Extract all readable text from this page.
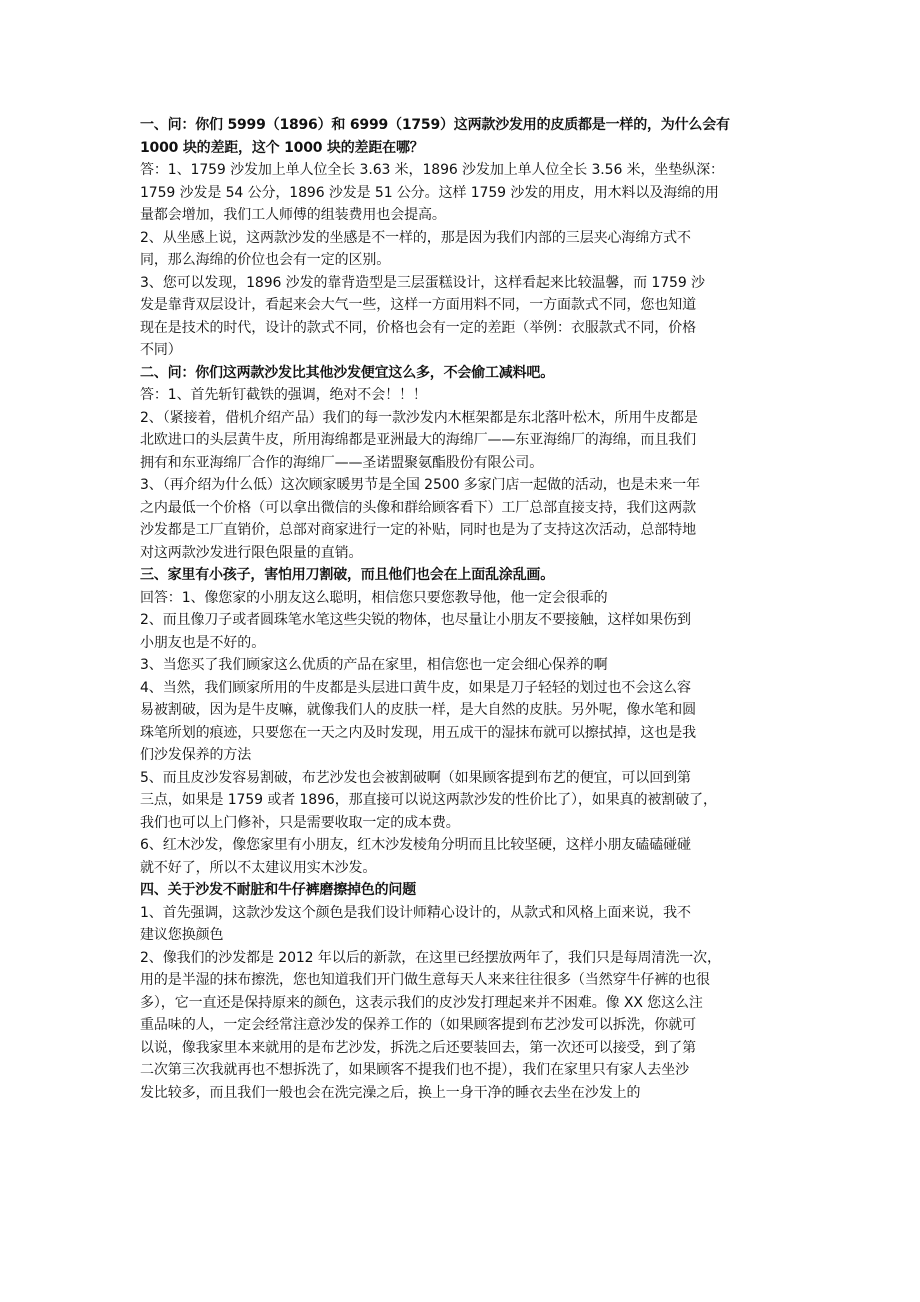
一、问：你们 5999（1896）和 6999（1759）这两款沙发用的皮质都是一样的，为什么会有
1000 块的差距，这个 1000 块的差距在哪？
答：1、1759 沙发加上单人位全长 3.63 米，1896 沙发加上单人位全长 3.56 米，坐垫纵深：
1759 沙发是 54 公分，1896 沙发是 51 公分。这样 1759 沙发的用皮，用木料以及海绵的用
量都会增加，我们工人师傅的组装费用也会提高。
2、从坐感上说，这两款沙发的坐感是不一样的，那是因为我们内部的三层夹心海绵方式不
同，那么海绵的价位也会有一定的区别。
3、您可以发现，1896 沙发的靠背造型是三层蛋糕设计，这样看起来比较温馨，而 1759 沙
发是靠背双层设计，看起来会大气一些，这样一方面用料不同，一方面款式不同，您也知道
现在是技术的时代，设计的款式不同，价格也会有一定的差距（举例：衣服款式不同，价格
不同）
二、问：你们这两款沙发比其他沙发便宜这么多，不会偷工减料吧。
答：1、首先斩钉截铁的强调，绝对不会！！！
2、（紧接着，借机介绍产品）我们的每一款沙发内木框架都是东北落叶松木，所用牛皮都是
北欧进口的头层黄牛皮，所用海绵都是亚洲最大的海绵厂——东亚海绵厂的海绵，而且我们
拥有和东亚海绵厂合作的海绵厂——圣诺盟聚氨酯股份有限公司。
3、（再介绍为什么低）这次顾家暖男节是全国 2500 多家门店一起做的活动，也是未来一年
之内最低一个价格（可以拿出微信的头像和群给顾客看下）工厂总部直接支持，我们这两款
沙发都是工厂直销价，总部对商家进行一定的补贴，同时也是为了支持这次活动，总部特地
对这两款沙发进行限色限量的直销。
三、家里有小孩子，害怕用刀割破，而且他们也会在上面乱涂乱画。
回答：1、像您家的小朋友这么聪明，相信您只要您教导他，他一定会很乖的
2、而且像刀子或者圆珠笔水笔这些尖锐的物体，也尽量让小朋友不要接触，这样如果伤到
小朋友也是不好的。
3、当您买了我们顾家这么优质的产品在家里，相信您也一定会细心保养的啊
4、当然，我们顾家所用的牛皮都是头层进口黄牛皮，如果是刀子轻轻的划过也不会这么容
易被割破，因为是牛皮嘛，就像我们人的皮肤一样，是大自然的皮肤。另外呢，像水笔和圆
珠笔所划的痕迹，只要您在一天之内及时发现，用五成干的湿抹布就可以擦拭掉，这也是我
们沙发保养的方法
5、而且皮沙发容易割破，布艺沙发也会被割破啊（如果顾客提到布艺的便宜，可以回到第
三点，如果是 1759 或者 1896，那直接可以说这两款沙发的性价比了），如果真的被割破了，
我们也可以上门修补，只是需要收取一定的成本费。
6、红木沙发，像您家里有小朋友，红木沙发棱角分明而且比较坚硬，这样小朋友磕磕碰碰
就不好了，所以不太建议用实木沙发。
四、关于沙发不耐脏和牛仔裤磨擦掉色的问题
1、首先强调，这款沙发这个颜色是我们设计师精心设计的，从款式和风格上面来说，我不
建议您换颜色
2、像我们的沙发都是 2012 年以后的新款，在这里已经摆放两年了，我们只是每周清洗一次，
用的是半湿的抹布擦洗，您也知道我们开门做生意每天人来来往往很多（当然穿牛仔裤的也很
多），它一直还是保持原来的颜色，这表示我们的皮沙发打理起来并不困难。像 XX 您这么注
重品味的人，一定会经常注意沙发的保养工作的（如果顾客提到布艺沙发可以拆洗，你就可
以说，像我家里本来就用的是布艺沙发，拆洗之后还要装回去，第一次还可以接受，到了第
二次第三次我就再也不想拆洗了，如果顾客不提我们也不提），我们在家里只有家人去坐沙
发比较多，而且我们一般也会在洗完澡之后，换上一身干净的睡衣去坐在沙发上的
